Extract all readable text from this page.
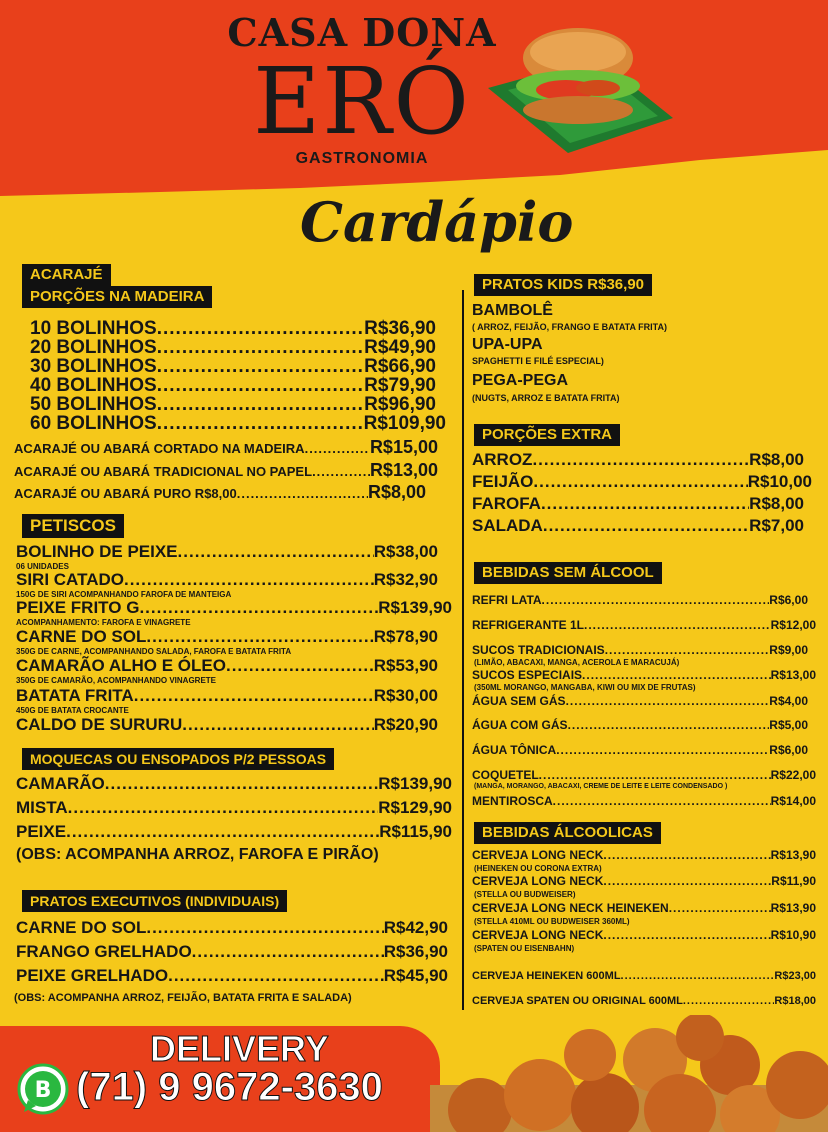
CASA DONA
ERÓ
GASTRONOMIA
Cardápio
ACARAJÉ
PORÇÕES NA MADEIRA
10 BOLINHOS .....	R$36,90
20 BOLINHOS .....	R$49,90
30 BOLINHOS .....	R$66,90
40 BOLINHOS .....	R$79,90
50 BOLINHOS .....	R$96,90
60 BOLINHOS .....	R$109,90
ACARAJÉ OU ABARÁ CORTADO NA MADEIRA .....	R$15,00
ACARAJÉ OU ABARÁ TRADICIONAL NO PAPEL .....	R$13,00
ACARAJÉ OU ABARÁ PURO R$8,00 .....	R$8,00
PETISCOS
BOLINHO DE PEIXE .....	R$38,00
06 UNIDADES
SIRI CATADO .....	R$32,90
150G DE SIRI ACOMPANHANDO FAROFA DE MANTEIGA
PEIXE FRITO G .....	R$139,90
ACOMPANHAMENTO: FAROFA E VINAGRETE
CARNE DO SOL .....	R$78,90
350G DE CARNE, ACOMPANHANDO SALADA, FAROFA E BATATA FRITA
CAMARÃO ALHO E ÓLEO .....	R$53,90
350G DE CAMARÃO, ACOMPANHANDO VINAGRETE
BATATA FRITA .....	R$30,00
450G DE BATATA CROCANTE
CALDO DE SURURU .....	R$20,90
MOQUECAS OU ENSOPADOS P/2 PESSOAS
CAMARÃO .....	R$139,90
MISTA .....	R$129,90
PEIXE .....	R$115,90
(OBS: ACOMPANHA ARROZ, FAROFA E PIRÃO)
PRATOS EXECUTIVOS (INDIVIDUAIS)
CARNE DO SOL .....	R$42,90
FRANGO GRELHADO .....	R$36,90
PEIXE GRELHADO .....	R$45,90
(OBS: ACOMPANHA ARROZ, FEIJÃO, BATATA FRITA E SALADA)
PRATOS KIDS R$36,90
BAMBOLÊ
( ARROZ, FEIJÃO, FRANGO E BATATA FRITA)
UPA-UPA
SPAGHETTI E FILÉ ESPECIAL)
PEGA-PEGA
(NUGTS, ARROZ E BATATA FRITA)
PORÇÕES EXTRA
ARROZ .....	R$8,00
FEIJÃO .....	R$10,00
FAROFA .....	R$8,00
SALADA .....	R$7,00
BEBIDAS SEM ÁLCOOL
REFRI LATA .....	R$6,00
REFRIGERANTE 1L .....	R$12,00
SUCOS TRADICIONAIS .....	R$9,00
(LIMÃO, ABACAXI, MANGA, ACEROLA E MARACUJÁ)
SUCOS ESPECIAIS .....	R$13,00
(350ML MORANGO, MANGABA, KIWI OU MIX DE FRUTAS)
ÁGUA SEM GÁS .....	R$4,00
ÁGUA COM GÁS .....	R$5,00
ÁGUA TÔNICA .....	R$6,00
COQUETEL .....	R$22,00
(MANGA, MORANGO, ABACAXI, CREME DE LEITE E LEITE CONDENSADO )
MENTIROSCA .....	R$14,00
BEBIDAS ÁLCOOLICAS
CERVEJA LONG NECK .....	R$13,90
(HEINEKEN OU CORONA EXTRA)
CERVEJA LONG NECK .....	R$11,90
(STELLA OU BUDWEISER)
CERVEJA LONG NECK HEINEKEN .....	R$13,90
(STELLA 410ML OU BUDWEISER 360ML)
CERVEJA LONG NECK .....	R$10,90
(SPATEN OU EISENBAHN)
CERVEJA HEINEKEN 600ML .....	R$23,00
CERVEJA SPATEN OU ORIGINAL 600ML .....	R$18,00
DELIVERY
B (71) 9 9672-3630
